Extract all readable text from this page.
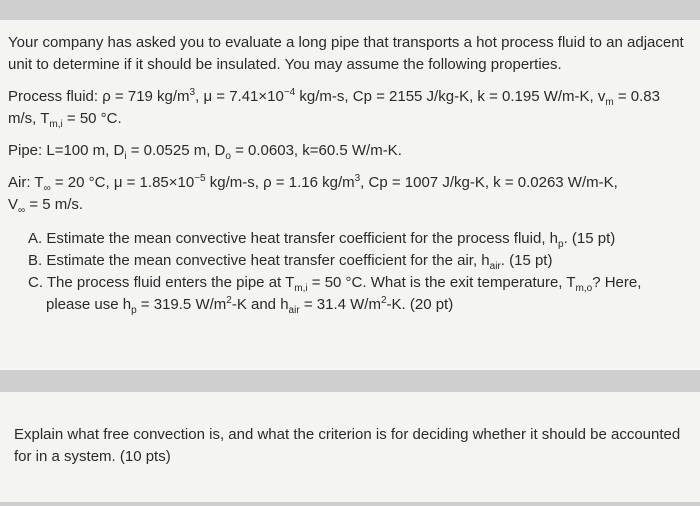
Your company has asked you to evaluate a long pipe that transports a hot process fluid to an adjacent unit to determine if it should be insulated. You may assume the following properties.

Process fluid: ρ = 719 $kg/m^3$, $\mu = 7.41\times 10^{-4}$ kg/m-s, Cp = 2155 J/kg-K, k = 0.195 W/m-K, $v_m = 0.83$ m/s, $T_{m,i} = 50$ °C.

Pipe: L=100 m, $D_i = 0.0525$ m, $D_o = 0.0603$, k=60.5 W/m-K.

Air: $T_\infty = 20$ °C, $\mu = 1.85\times 10^{-5}$ kg/m-s, ρ = 1.16 $kg/m^3$, Cp = 1007 J/kg-K, k = 0.0263 W/m-K,
$V_\infty = 5$ m/s.

A. Estimate the mean convective heat transfer coefficient for the process fluid, $h_p$. (15 pt)

B. Estimate the mean convective heat transfer coefficient for the air, $h_{air}$. (15 pt)

C. The process fluid enters the pipe at $T_{m,i} = 50$ °C. What is the exit temperature, $T_{m,o}$? Here,

please use $h_p = 319.5$ $W/m^2-K$ and $h_{air} = 31.4$ $W/m^2-K$. (20 pt)

Explain what free convection is, and what the criterion is for deciding whether it should be accounted for in a system. (10 pts)
